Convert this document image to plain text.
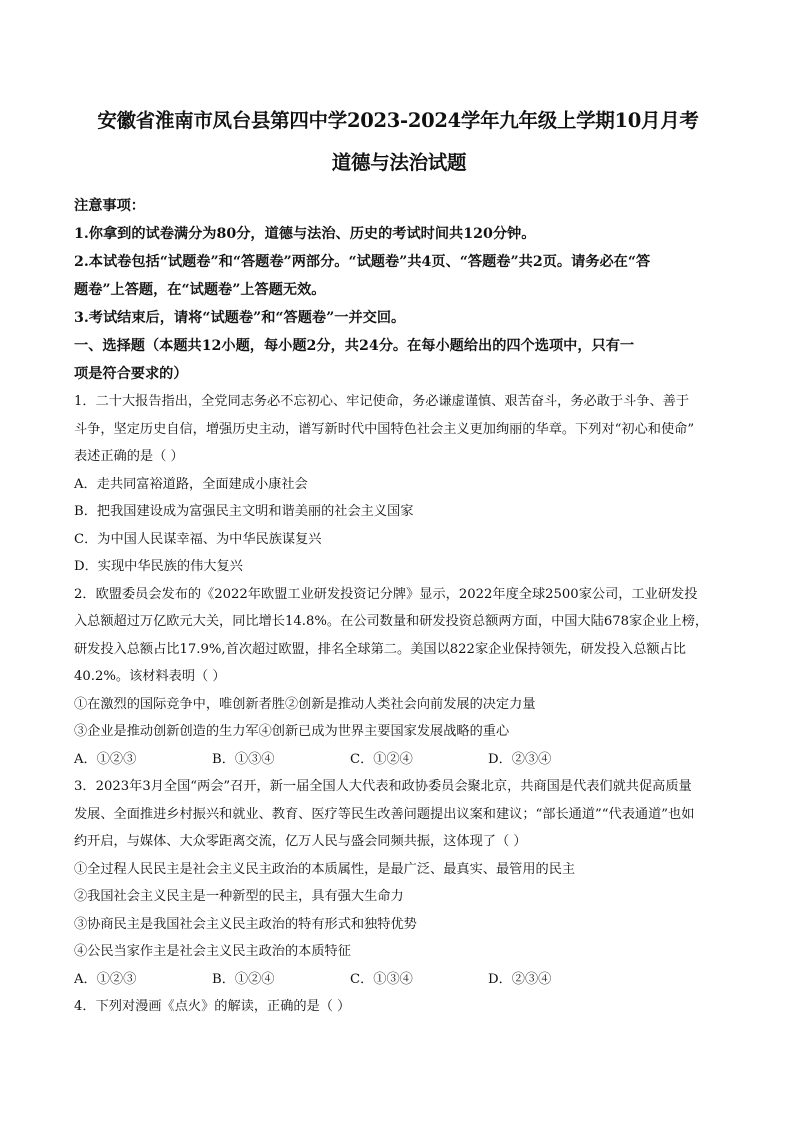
安徽省淮南市凤台县第四中学2023-2024学年九年级上学期10月月考

道德与法治试题

注意事项：

1.你拿到的试卷满分为80分，道德与法治、历史的考试时间共120分钟。

2.本试卷包括“试题卷”和“答题卷”两部分。“试题卷”共4页、“答题卷”共2页。请务必在“答

题卷”上答题，在“试题卷”上答题无效。

3.考试结束后，请将“试题卷”和“答题卷”一并交回。

一、选择题（本题共12小题，每小题2分，共24分。在每小题给出的四个选项中，只有一

项是符合要求的）

1．二十大报告指出，全党同志务必不忘初心、牢记使命，务必谦虚谨慎、艰苦奋斗，务必敢于斗争、善于

斗争，坚定历史自信，增强历史主动，谱写新时代中国特色社会主义更加绚丽的华章。下列对“初心和使命”

表述正确的是（ ）

A．走共同富裕道路，全面建成小康社会

B．把我国建设成为富强民主文明和谐美丽的社会主义国家

C．为中国人民谋幸福、为中华民族谋复兴

D．实现中华民族的伟大复兴

2．欧盟委员会发布的《2022年欧盟工业研发投资记分牌》显示，2022年度全球2500家公司，工业研发投

入总额超过万亿欧元大关，同比增长14.8%。在公司数量和研发投资总额两方面，中国大陆678家企业上榜，

研发投入总额占比17.9%,首次超过欧盟，排名全球第二。美国以822家企业保持领先，研发投入总额占比

40.2%。该材料表明（ ）

①在激烈的国际竞争中，唯创新者胜②创新是推动人类社会向前发展的决定力量

③企业是推动创新创造的生力军④创新已成为世界主要国家发展战略的重心

A．①②③	B．①③④	C．①②④	D．②③④

3．2023年3月全国“两会”召开，新一届全国人大代表和政协委员会聚北京，共商国是代表们就共促高质量

发展、全面推进乡村振兴和就业、教育、医疗等民生改善问题提出议案和建议；“部长通道”“代表通道”也如

约开启，与媒体、大众零距离交流，亿万人民与盛会同频共振，这体现了（ ）

①全过程人民民主是社会主义民主政治的本质属性，是最广泛、最真实、最管用的民主

②我国社会主义民主是一种新型的民主，具有强大生命力

③协商民主是我国社会主义民主政治的特有形式和独特优势

④公民当家作主是社会主义民主政治的本质特征

A．①②③	B．①②④	C．①③④	D．②③④

4．下列对漫画《点火》的解读，正确的是（ ）
